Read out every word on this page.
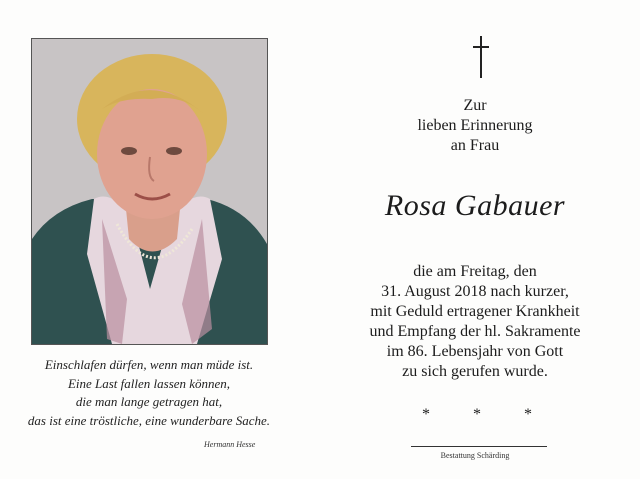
Einschlafen dürfen, wenn man müde ist.
Eine Last fallen lassen können,
die man lange getragen hat,
das ist eine tröstliche, eine wunderbare Sache.
Hermann Hesse
Zur
lieben Erinnerung
an Frau
Rosa Gabauer
die am Freitag, den
31. August 2018 nach kurzer,
mit Geduld ertragener Krankheit
und Empfang der hl. Sakramente
im 86. Lebensjahr von Gott
zu sich gerufen wurde.
*	*	*
Bestattung Schärding
